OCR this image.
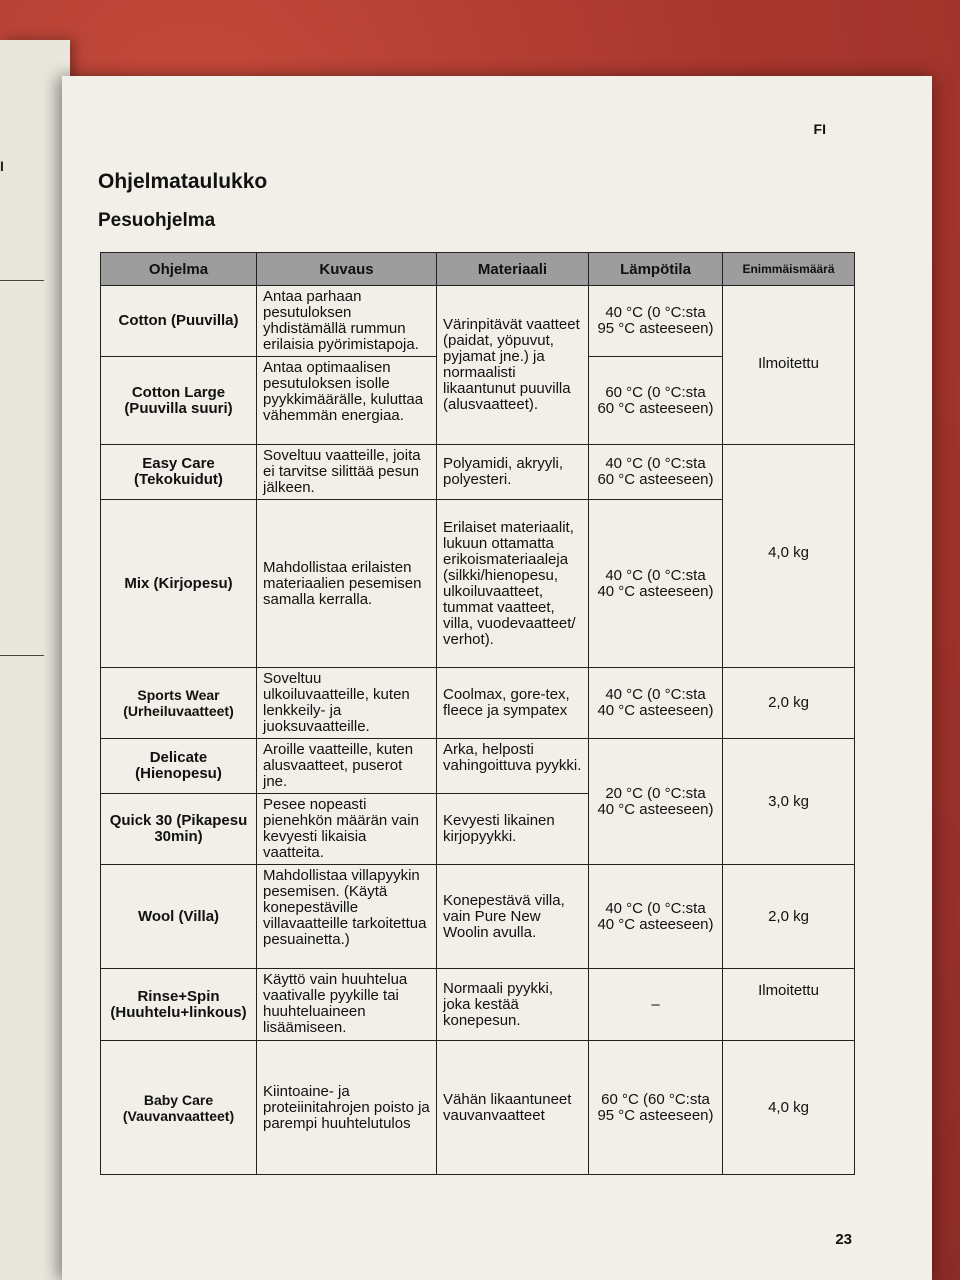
I
FI
Ohjelmataulukko
Pesuohjelma
Ohjelma	Kuvaus	Materiaali	Lämpötila	Enimmäismäärä
Cotton (Puuvilla)	Antaa parhaan pesutuloksen yhdistämällä rummun erilaisia pyörimistapoja.	Värinpitävät vaatteet (paidat, yöpuvut, pyjamat jne.) ja normaalisti likaantunut puuvilla (alusvaatteet).	40 °C (0 °C:sta 95 °C asteeseen)	Ilmoitettu
Cotton Large (Puuvilla suuri)	Antaa optimaalisen pesutuloksen isolle pyykkimäärälle, kuluttaa vähemmän energiaa.		60 °C (0 °C:sta 60 °C asteeseen)	
Easy Care (Tekokuidut)	Soveltuu vaatteille, joita ei tarvitse silittää pesun jälkeen.	Polyamidi, akryyli, polyesteri.	40 °C (0 °C:sta 60 °C asteeseen)	4,0 kg
Mix (Kirjopesu)	Mahdollistaa erilaisten materiaalien pesemisen samalla kerralla.	Erilaiset materiaalit, lukuun ottamatta erikoismateriaaleja (silkki/hienopesu, ulkoiluvaatteet, tummat vaatteet, villa, vuodevaatteet/ verhot).	40 °C (0 °C:sta 40 °C asteeseen)	
Sports Wear (Urheiluvaatteet)	Soveltuu ulkoiluvaatteille, kuten lenkkeily- ja juoksuvaatteille.	Coolmax, gore-tex, fleece ja sympatex	40 °C (0 °C:sta 40 °C asteeseen)	2,0 kg
Delicate (Hienopesu)	Aroille vaatteille, kuten alusvaatteet, puserot jne.	Arka, helposti vahingoittuva pyykki.	20 °C (0 °C:sta 40 °C asteeseen)	3,0 kg
Quick 30 (Pikapesu 30min)	Pesee nopeasti pienehkön määrän vain kevyesti likaisia vaatteita.	Kevyesti likainen kirjopyykki.		
Wool (Villa)	Mahdollistaa villapyykin pesemisen. (Käytä konepestäville villavaatteille tarkoitettua pesuainetta.)	Konepestävä villa, vain Pure New Woolin avulla.	40 °C (0 °C:sta 40 °C asteeseen)	2,0 kg
Rinse+Spin (Huuhtelu+linkous)	Käyttö vain huuhtelua vaativalle pyykille tai huuhteluaineen lisäämiseen.	Normaali pyykki, joka kestää konepesun.	–	Ilmoitettu
Baby Care (Vauvanvaatteet)	Kiintoaine- ja proteiinitahrojen poisto ja parempi huuhtelutulos	Vähän likaantuneet vauvanvaatteet	60 °C (60 °C:sta 95 °C asteeseen)	4,0 kg
23
